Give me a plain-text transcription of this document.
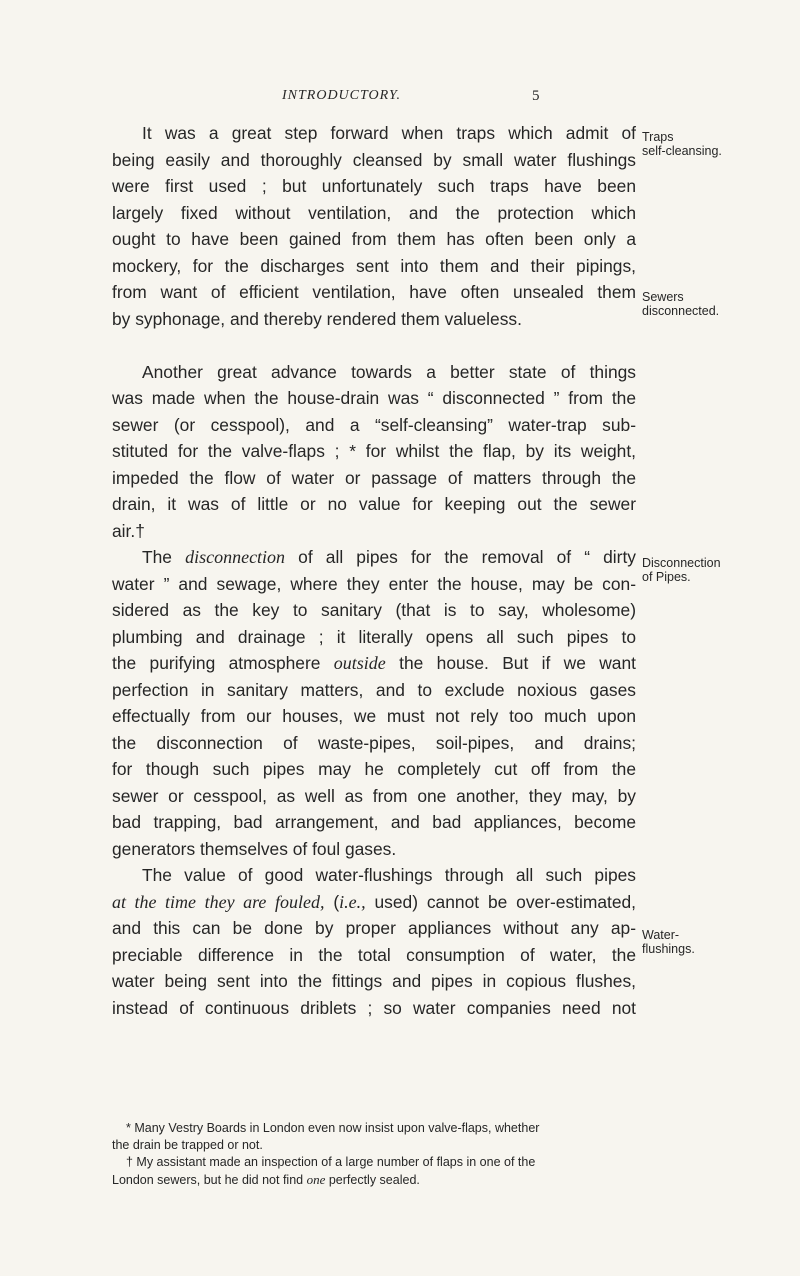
INTRODUCTORY.	5
It was a great step forward when traps which admit of
being easily and thoroughly cleansed by small water flushings
were first used ; but unfortunately such traps have been
largely fixed without ventilation, and the protection which
ought to have been gained from them has often been only a
mockery, for the discharges sent into them and their pipings,
from want of efficient ventilation, have often unsealed them
by syphonage, and thereby rendered them valueless.
Another great advance towards a better state of things
was made when the house-drain was “ disconnected ” from the
sewer (or cesspool), and a “self-cleansing” water-trap sub-
stituted for the valve-flaps ; * for whilst the flap, by its weight,
impeded the flow of water or passage of matters through the
drain, it was of little or no value for keeping out the sewer
air.†
The disconnection of all pipes for the removal of “ dirty
water ” and sewage, where they enter the house, may be con-
sidered as the key to sanitary (that is to say, wholesome)
plumbing and drainage ; it literally opens all such pipes to
the purifying atmosphere outside the house. But if we want
perfection in sanitary matters, and to exclude noxious gases
effectually from our houses, we must not rely too much upon
the disconnection of waste-pipes, soil-pipes, and drains;
for though such pipes may he completely cut off from the
sewer or cesspool, as well as from one another, they may, by
bad trapping, bad arrangement, and bad appliances, become
generators themselves of foul gases.
The value of good water-flushings through all such pipes
at the time they are fouled, (i.e., used) cannot be over-estimated,
and this can be done by proper appliances without any ap-
preciable difference in the total consumption of water, the
water being sent into the fittings and pipes in copious flushes,
instead of continuous driblets ; so water companies need not
Traps
self-cleansing.
Sewers
disconnected.
Disconnection
of Pipes.
Water-
flushings.
* Many Vestry Boards in London even now insist upon valve-flaps, whether
the drain be trapped or not.
† My assistant made an inspection of a large number of flaps in one of the
London sewers, but he did not find one perfectly sealed.
